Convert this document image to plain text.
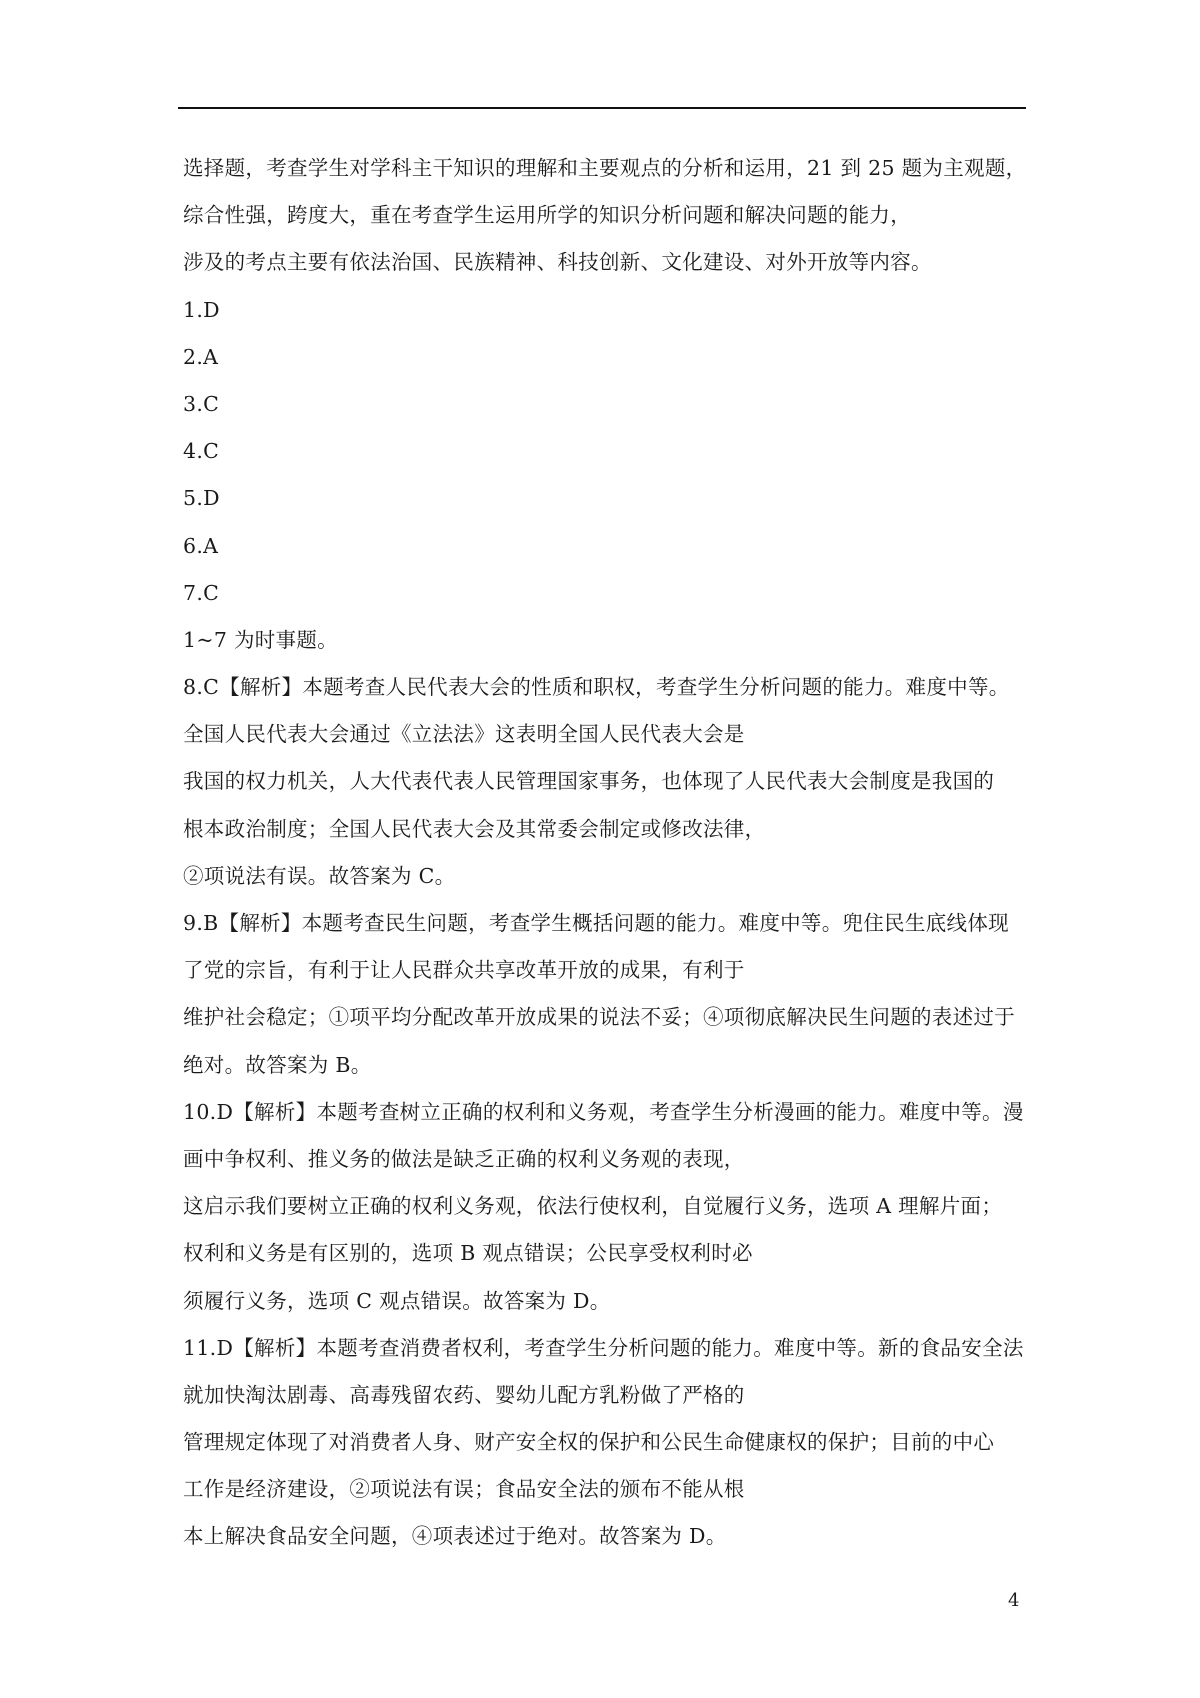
选择题，考查学生对学科主干知识的理解和主要观点的分析和运用，21 到 25 题为主观题，
综合性强，跨度大，重在考查学生运用所学的知识分析问题和解决问题的能力，
涉及的考点主要有依法治国、民族精神、科技创新、文化建设、对外开放等内容。
1.D
2.A
3.C
4.C
5.D
6.A
7.C
1~7 为时事题。
8.C【解析】本题考查人民代表大会的性质和职权，考查学生分析问题的能力。难度中等。
全国人民代表大会通过《立法法》这表明全国人民代表大会是
我国的权力机关，人大代表代表人民管理国家事务，也体现了人民代表大会制度是我国的
根本政治制度；全国人民代表大会及其常委会制定或修改法律，
②项说法有误。故答案为 C。
9.B【解析】本题考查民生问题，考查学生概括问题的能力。难度中等。兜住民生底线体现
了党的宗旨，有利于让人民群众共享改革开放的成果，有利于
维护社会稳定；①项平均分配改革开放成果的说法不妥；④项彻底解决民生问题的表述过于
绝对。故答案为 B。
10.D【解析】本题考查树立正确的权利和义务观，考查学生分析漫画的能力。难度中等。漫
画中争权利、推义务的做法是缺乏正确的权利义务观的表现，
这启示我们要树立正确的权利义务观，依法行使权利，自觉履行义务，选项 A 理解片面；
权利和义务是有区别的，选项 B 观点错误；公民享受权利时必
须履行义务，选项 C 观点错误。故答案为 D。
11.D【解析】本题考查消费者权利，考查学生分析问题的能力。难度中等。新的食品安全法
就加快淘汰剧毒、高毒残留农药、婴幼儿配方乳粉做了严格的
管理规定体现了对消费者人身、财产安全权的保护和公民生命健康权的保护；目前的中心
工作是经济建设，②项说法有误；食品安全法的颁布不能从根
本上解决食品安全问题，④项表述过于绝对。故答案为 D。
4
